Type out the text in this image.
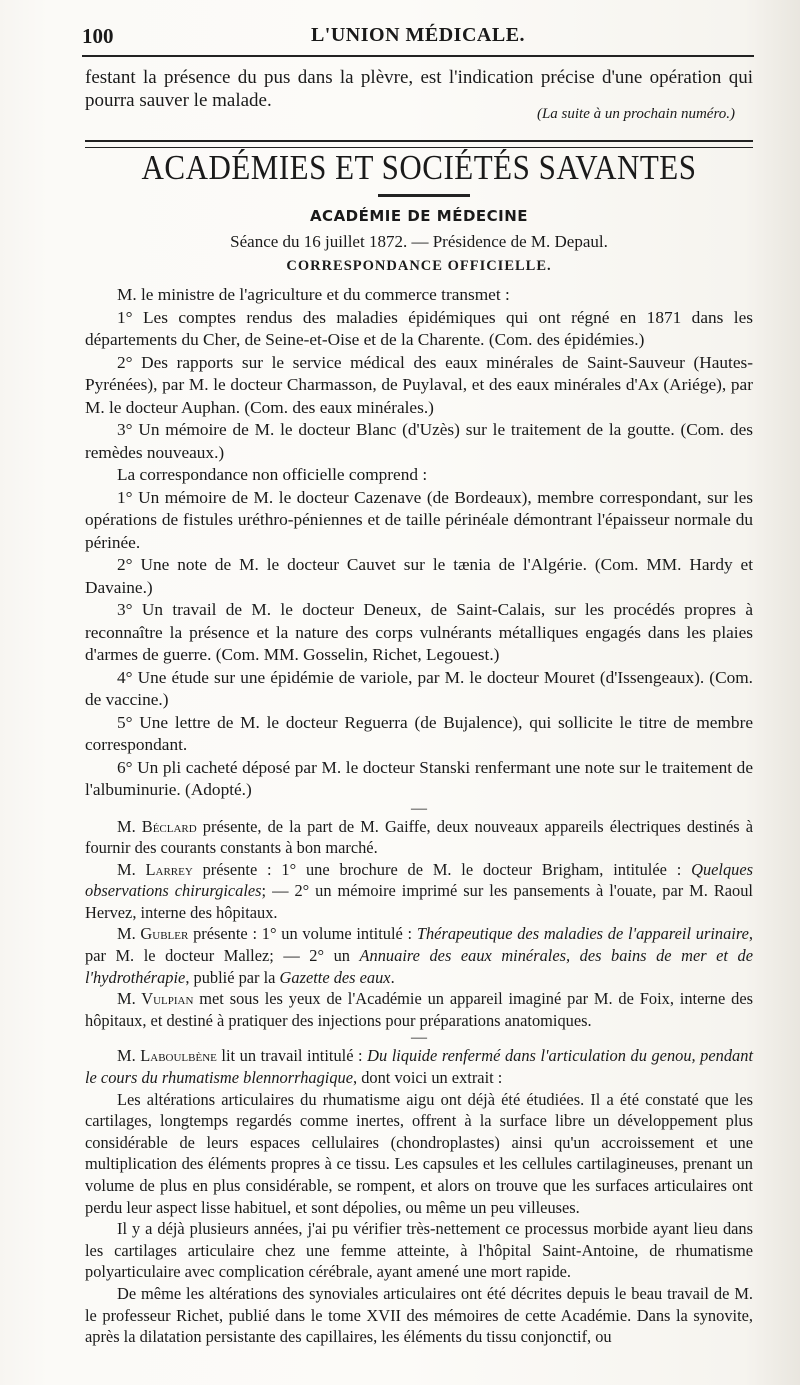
100	L'UNION MÉDICALE.

festant la présence du pus dans la plèvre, est l'indication précise d'une opération qui pourra sauver le malade.

(La suite à un prochain numéro.)

ACADÉMIES ET SOCIÉTÉS SAVANTES
ACADÉMIE DE MÉDECINE
Séance du 16 juillet 1872. — Présidence de M. Depaul.
CORRESPONDANCE OFFICIELLE.

M. le ministre de l'agriculture et du commerce transmet :

1° Les comptes rendus des maladies épidémiques qui ont régné en 1871 dans les départements du Cher, de Seine-et-Oise et de la Charente. (Com. des épidémies.)

2° Des rapports sur le service médical des eaux minérales de Saint-Sauveur (Hautes-Pyrénées), par M. le docteur Charmasson, de Puylaval, et des eaux minérales d'Ax (Ariége), par M. le docteur Auphan. (Com. des eaux minérales.)

3° Un mémoire de M. le docteur Blanc (d'Uzès) sur le traitement de la goutte. (Com. des remèdes nouveaux.)

La correspondance non officielle comprend :

1° Un mémoire de M. le docteur Cazenave (de Bordeaux), membre correspondant, sur les opérations de fistules uréthro-péniennes et de taille périnéale démontrant l'épaisseur normale du périnée.

2° Une note de M. le docteur Cauvet sur le tænia de l'Algérie. (Com. MM. Hardy et Davaine.)

3° Un travail de M. le docteur Deneux, de Saint-Calais, sur les procédés propres à reconnaître la présence et la nature des corps vulnérants métalliques engagés dans les plaies d'armes de guerre. (Com. MM. Gosselin, Richet, Legouest.)

4° Une étude sur une épidémie de variole, par M. le docteur Mouret (d'Issengeaux). (Com. de vaccine.)

5° Une lettre de M. le docteur Reguerra (de Bujalence), qui sollicite le titre de membre correspondant.

6° Un pli cacheté déposé par M. le docteur Stanski renfermant une note sur le traitement de l'albuminurie. (Adopté.)

—

M. Béclard présente, de la part de M. Gaiffe, deux nouveaux appareils électriques destinés à fournir des courants constants à bon marché.

M. Larrey présente : 1° une brochure de M. le docteur Brigham, intitulée : Quelques observations chirurgicales; — 2° un mémoire imprimé sur les pansements à l'ouate, par M. Raoul Hervez, interne des hôpitaux.

M. Gubler présente : 1° un volume intitulé : Thérapeutique des maladies de l'appareil urinaire, par M. le docteur Mallez; — 2° un Annuaire des eaux minérales, des bains de mer et de l'hydrothérapie, publié par la Gazette des eaux.

M. Vulpian met sous les yeux de l'Académie un appareil imaginé par M. de Foix, interne des hôpitaux, et destiné à pratiquer des injections pour préparations anatomiques.

—

M. Laboulbène lit un travail intitulé : Du liquide renfermé dans l'articulation du genou, pendant le cours du rhumatisme blennorrhagique, dont voici un extrait :

Les altérations articulaires du rhumatisme aigu ont déjà été étudiées. Il a été constaté que les cartilages, longtemps regardés comme inertes, offrent à la surface libre un développement plus considérable de leurs espaces cellulaires (chondroplastes) ainsi qu'un accroissement et une multiplication des éléments propres à ce tissu. Les capsules et les cellules cartilagineuses, prenant un volume de plus en plus considérable, se rompent, et alors on trouve que les surfaces articulaires ont perdu leur aspect lisse habituel, et sont dépolies, ou même un peu villeuses.

Il y a déjà plusieurs années, j'ai pu vérifier très-nettement ce processus morbide ayant lieu dans les cartilages articulaire chez une femme atteinte, à l'hôpital Saint-Antoine, de rhumatisme polyarticulaire avec complication cérébrale, ayant amené une mort rapide.

De même les altérations des synoviales articulaires ont été décrites depuis le beau travail de M. le professeur Richet, publié dans le tome XVII des mémoires de cette Académie. Dans la synovite, après la dilatation persistante des capillaires, les éléments du tissu conjonctif, ou
